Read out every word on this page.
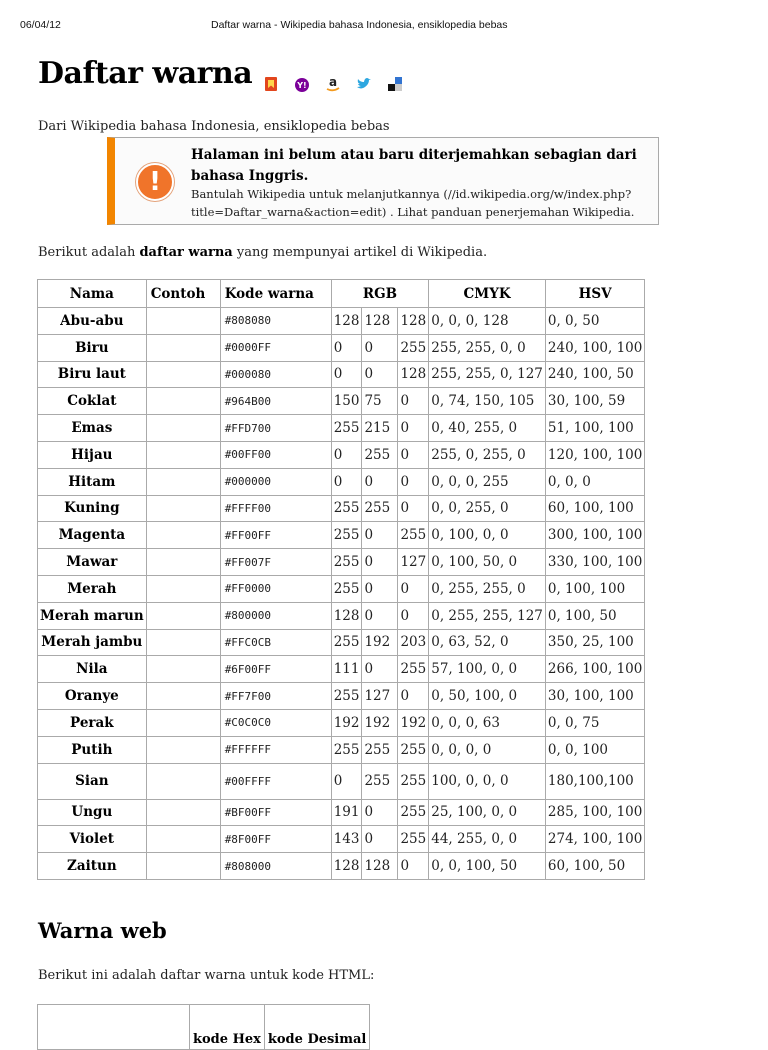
06/04/12	Daftar warna - Wikipedia bahasa Indonesia, ensiklopedia bebas
Daftar warna	Y! a
Dari Wikipedia bahasa Indonesia, ensiklopedia bebas
!
Halaman ini belum atau baru diterjemahkan sebagian dari bahasa Inggris.
Bantulah Wikipedia untuk melanjutkannya (//id.wikipedia.org/w/index.php?title=Daftar_warna&action=edit) . Lihat panduan penerjemahan Wikipedia.
Berikut adalah daftar warna yang mempunyai artikel di Wikipedia.
Nama	Contoh	Kode warna	RGB			CMYK	HSV
Abu-abu		#808080	128	128	128	0, 0, 0, 128	0, 0, 50
Biru		#0000FF	0	0	255	255, 255, 0, 0	240, 100, 100
Biru laut		#000080	0	0	128	255, 255, 0, 127	240, 100, 50
Coklat		#964B00	150	75	0	0, 74, 150, 105	30, 100, 59
Emas		#FFD700	255	215	0	0, 40, 255, 0	51, 100, 100
Hijau		#00FF00	0	255	0	255, 0, 255, 0	120, 100, 100
Hitam		#000000	0	0	0	0, 0, 0, 255	0, 0, 0
Kuning		#FFFF00	255	255	0	0, 0, 255, 0	60, 100, 100
Magenta		#FF00FF	255	0	255	0, 100, 0, 0	300, 100, 100
Mawar		#FF007F	255	0	127	0, 100, 50, 0	330, 100, 100
Merah		#FF0000	255	0	0	0, 255, 255, 0	0, 100, 100
Merah marun		#800000	128	0	0	0, 255, 255, 127	0, 100, 50
Merah jambu		#FFC0CB	255	192	203	0, 63, 52, 0	350, 25, 100
Nila		#6F00FF	111	0	255	57, 100, 0, 0	266, 100, 100
Oranye		#FF7F00	255	127	0	0, 50, 100, 0	30, 100, 100
Perak		#C0C0C0	192	192	192	0, 0, 0, 63	0, 0, 75
Putih		#FFFFFF	255	255	255	0, 0, 0, 0	0, 0, 100
Sian		#00FFFF	0	255	255	100, 0, 0, 0	180,100,100
Ungu		#BF00FF	191	0	255	25, 100, 0, 0	285, 100, 100
Violet		#8F00FF	143	0	255	44, 255, 0, 0	274, 100, 100
Zaitun		#808000	128	128	0	0, 0, 100, 50	60, 100, 50
Warna web
Berikut ini adalah daftar warna untuk kode HTML:
	kode Hex	kode Desimal
